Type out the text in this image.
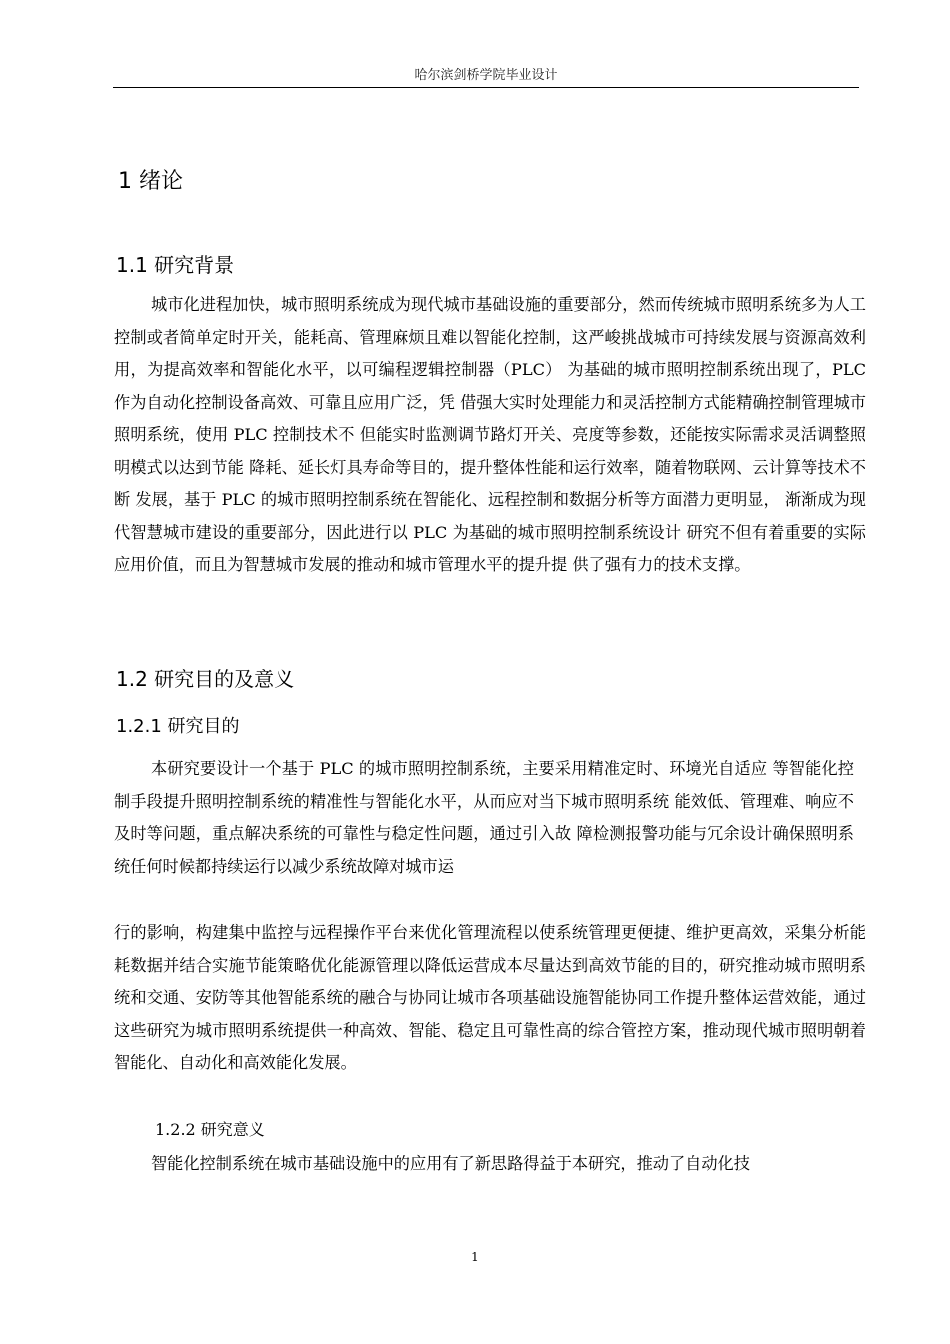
哈尔滨剑桥学院毕业设计
1 绪论
1.1 研究背景
城市化进程加快，城市照明系统成为现代城市基础设施的重要部分，然而传统城市照明系统多为人工控制或者简单定时开关，能耗高、管理麻烦且难以智能化控制，这严峻挑战城市可持续发展与资源高效利用，为提高效率和智能化水平，以可编程逻辑控制器（PLC） 为基础的城市照明控制系统出现了，PLC 作为自动化控制设备高效、可靠且应用广泛，凭 借强大实时处理能力和灵活控制方式能精确控制管理城市照明系统，使用 PLC 控制技术不 但能实时监测调节路灯开关、亮度等参数，还能按实际需求灵活调整照明模式以达到节能 降耗、延长灯具寿命等目的，提升整体性能和运行效率，随着物联网、云计算等技术不断 发展，基于 PLC 的城市照明控制系统在智能化、远程控制和数据分析等方面潜力更明显， 渐渐成为现代智慧城市建设的重要部分，因此进行以 PLC 为基础的城市照明控制系统设计 研究不但有着重要的实际应用价值，而且为智慧城市发展的推动和城市管理水平的提升提 供了强有力的技术支撑。
1.2 研究目的及意义
1.2.1 研究目的
本研究要设计一个基于 PLC 的城市照明控制系统，主要采用精准定时、环境光自适应 等智能化控制手段提升照明控制系统的精准性与智能化水平，从而应对当下城市照明系统 能效低、管理难、响应不及时等问题，重点解决系统的可靠性与稳定性问题，通过引入故 障检测报警功能与冗余设计确保照明系统任何时候都持续运行以减少系统故障对城市运
行的影响，构建集中监控与远程操作平台来优化管理流程以使系统管理更便捷、维护更高效，采集分析能耗数据并结合实施节能策略优化能源管理以降低运营成本尽量达到高效节能的目的，研究推动城市照明系统和交通、安防等其他智能系统的融合与协同让城市各项基础设施智能协同工作提升整体运营效能，通过这些研究为城市照明系统提供一种高效、智能、稳定且可靠性高的综合管控方案，推动现代城市照明朝着智能化、自动化和高效能化发展。
1.2.2 研究意义
智能化控制系统在城市基础设施中的应用有了新思路得益于本研究，推动了自动化技
1
